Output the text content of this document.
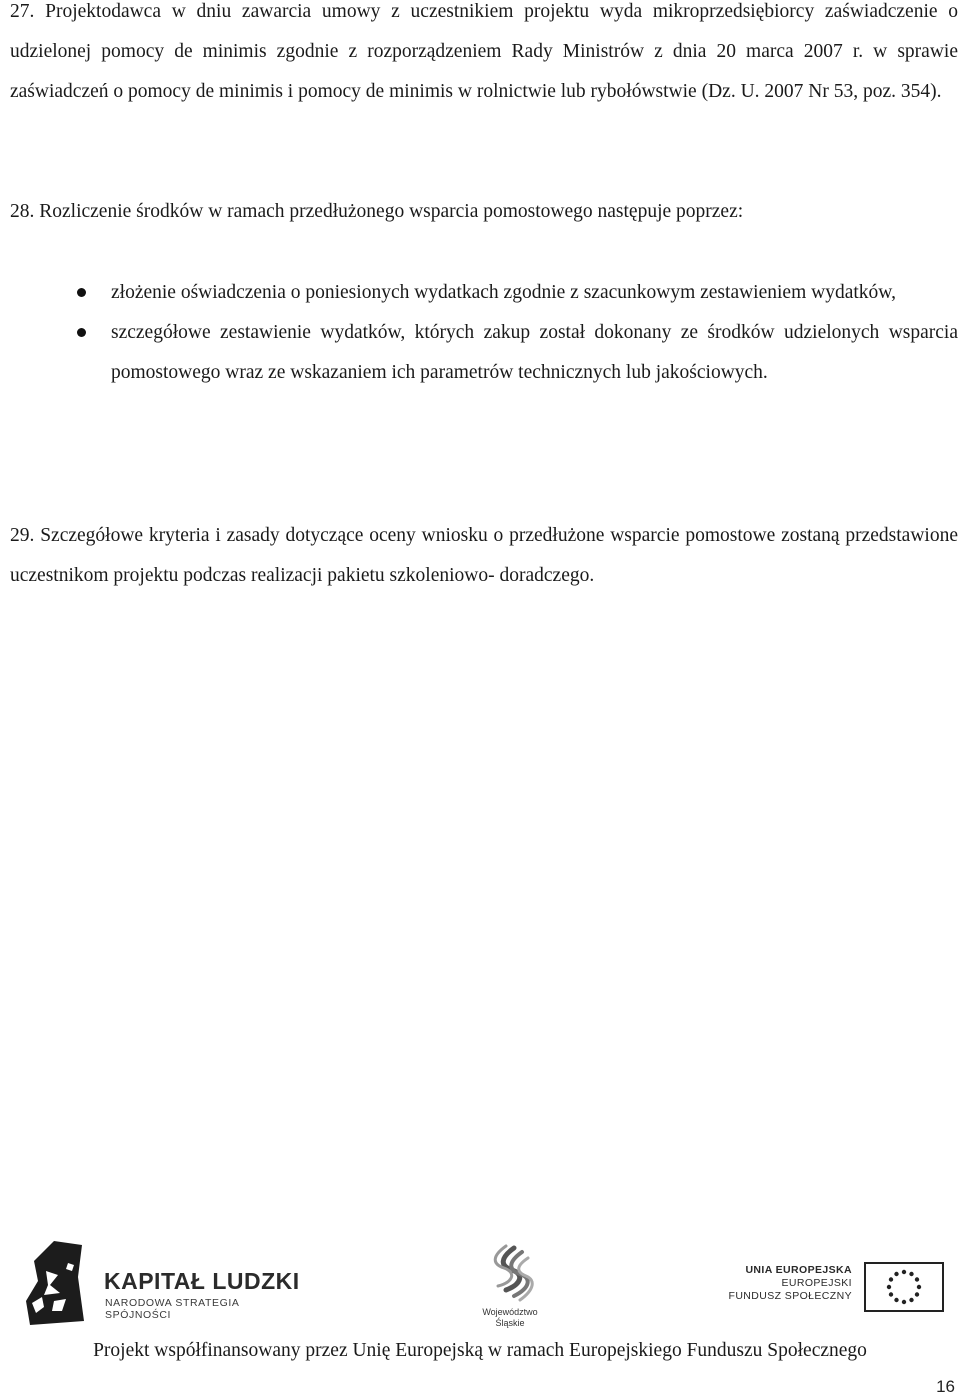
27. Projektodawca w dniu zawarcia umowy z uczestnikiem projektu wyda mikroprzedsiębiorcy zaświadczenie o udzielonej pomocy de minimis zgodnie z rozporządzeniem Rady Ministrów z dnia 20 marca 2007 r. w sprawie zaświadczeń o pomocy de minimis i pomocy de minimis w rolnictwie lub rybołówstwie (Dz. U. 2007 Nr 53, poz. 354).
28. Rozliczenie środków w ramach przedłużonego wsparcia pomostowego następuje poprzez:
złożenie oświadczenia o poniesionych wydatkach zgodnie z szacunkowym zestawieniem wydatków,
szczegółowe zestawienie wydatków, których zakup został dokonany ze środków udzielonych wsparcia pomostowego wraz ze wskazaniem ich parametrów technicznych lub jakościowych.
29. Szczegółowe kryteria i zasady dotyczące oceny wniosku o przedłużone wsparcie pomostowe zostaną przedstawione uczestnikom projektu podczas realizacji pakietu szkoleniowo- doradczego.
KAPITAŁ LUDZKI
NARODOWA STRATEGIA SPÓJNOŚCI	Województwo
Śląskie
UNIA EUROPEJSKA
EUROPEJSKI
FUNDUSZ SPOŁECZNY
Projekt współfinansowany przez Unię Europejską w ramach Europejskiego Funduszu Społecznego
16
